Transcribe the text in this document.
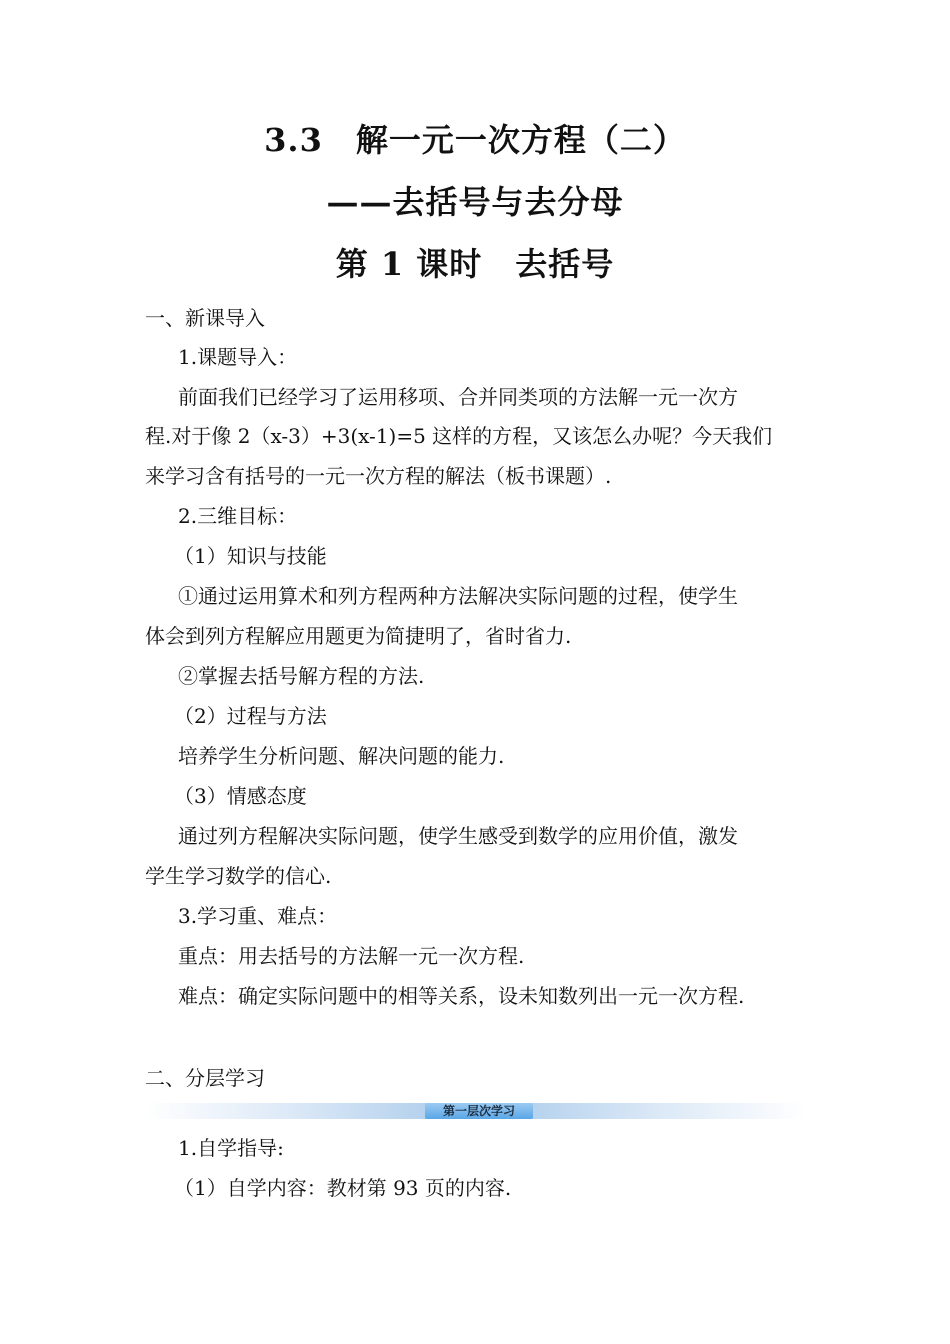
3.3　解一元一次方程（二）
——去括号与去分母
第 1 课时　去括号
一、新课导入
1.课题导入：
前面我们已经学习了运用移项、合并同类项的方法解一元一次方
程.对于像 2（x-3）+3(x-1)=5 这样的方程，又该怎么办呢？今天我们
来学习含有括号的一元一次方程的解法（板书课题）.
2.三维目标：
（1）知识与技能
①通过运用算术和列方程两种方法解决实际问题的过程，使学生
体会到列方程解应用题更为简捷明了，省时省力.
②掌握去括号解方程的方法.
（2）过程与方法
培养学生分析问题、解决问题的能力.
（3）情感态度
通过列方程解决实际问题，使学生感受到数学的应用价值，激发
学生学习数学的信心.
3.学习重、难点：
重点：用去括号的方法解一元一次方程.
难点：确定实际问题中的相等关系，设未知数列出一元一次方程.
二、分层学习
第一层次学习
1.自学指导:
（1）自学内容：教材第 93 页的内容.
